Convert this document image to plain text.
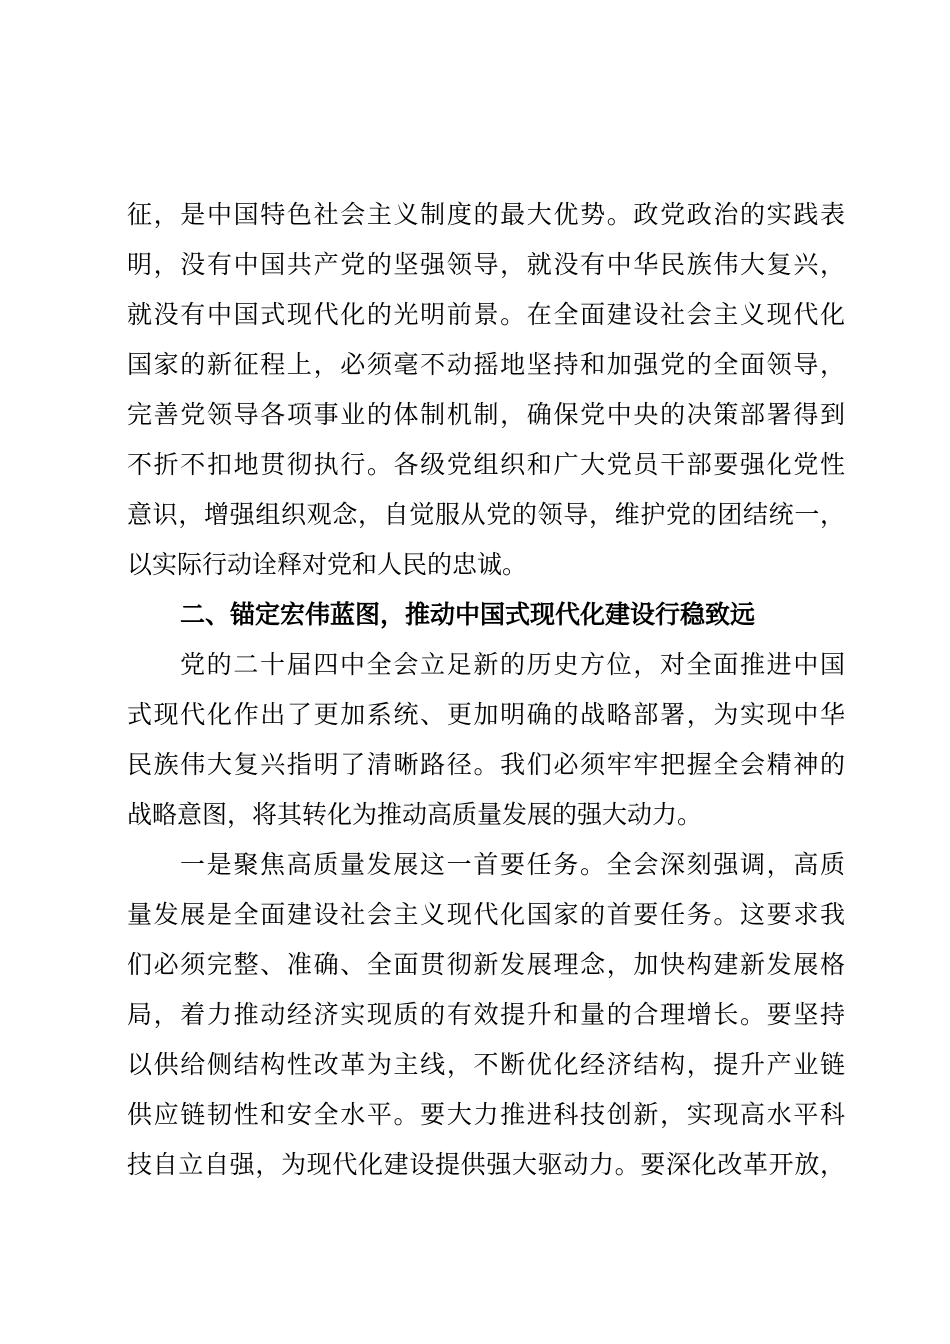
征，是中国特色社会主义制度的最大优势。政党政治的实践表
明，没有中国共产党的坚强领导，就没有中华民族伟大复兴，
就没有中国式现代化的光明前景。在全面建设社会主义现代化
国家的新征程上，必须毫不动摇地坚持和加强党的全面领导，
完善党领导各项事业的体制机制，确保党中央的决策部署得到
不折不扣地贯彻执行。各级党组织和广大党员干部要强化党性
意识，增强组织观念，自觉服从党的领导，维护党的团结统一，
以实际行动诠释对党和人民的忠诚。
二、锚定宏伟蓝图，推动中国式现代化建设行稳致远
党的二十届四中全会立足新的历史方位，对全面推进中国
式现代化作出了更加系统、更加明确的战略部署，为实现中华
民族伟大复兴指明了清晰路径。我们必须牢牢把握全会精神的
战略意图，将其转化为推动高质量发展的强大动力。
一是聚焦高质量发展这一首要任务。全会深刻强调，高质
量发展是全面建设社会主义现代化国家的首要任务。这要求我
们必须完整、准确、全面贯彻新发展理念，加快构建新发展格
局，着力推动经济实现质的有效提升和量的合理增长。要坚持
以供给侧结构性改革为主线，不断优化经济结构，提升产业链
供应链韧性和安全水平。要大力推进科技创新，实现高水平科
技自立自强，为现代化建设提供强大驱动力。要深化改革开放，
